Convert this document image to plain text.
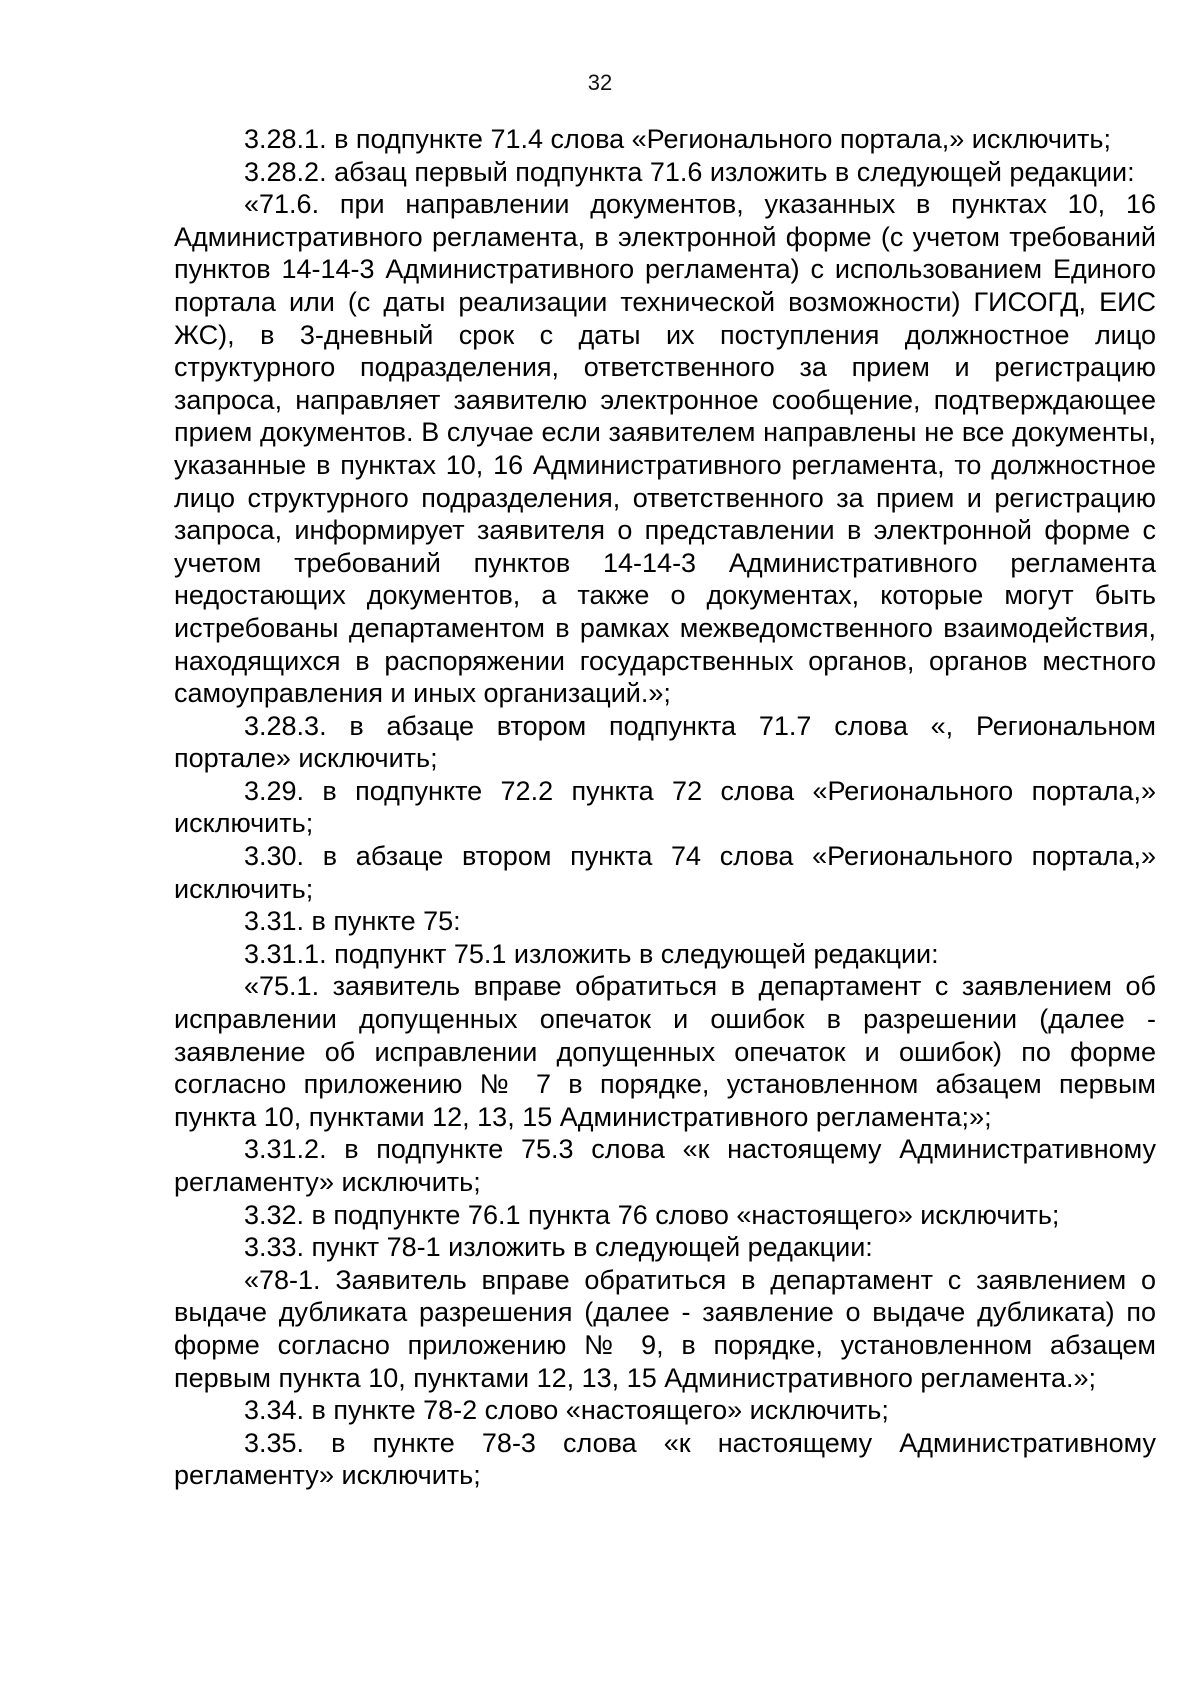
32

3.28.1. в подпункте 71.4 слова «Регионального портала,» исключить;

3.28.2. абзац первый подпункта 71.6 изложить в следующей редакции:

«71.6. при направлении документов, указанных в пунктах 10, 16 Административного регламента, в электронной форме (с учетом требований пунктов 14-14-3 Административного регламента) с использованием Единого портала или (с даты реализации технической возможности) ГИСОГД, ЕИС ЖС), в 3-дневный срок с даты их поступления должностное лицо структурного подразделения, ответственного за прием и регистрацию запроса, направляет заявителю электронное сообщение, подтверждающее прием документов. В случае если заявителем направлены не все документы, указанные в пунктах 10, 16 Административного регламента, то должностное лицо структурного подразделения, ответственного за прием и регистрацию запроса, информирует заявителя о представлении в электронной форме с учетом требований пунктов 14-14-3 Административного регламента недостающих документов, а также о документах, которые могут быть истребованы департаментом в рамках межведомственного взаимодействия, находящихся в распоряжении государственных органов, органов местного самоуправления и иных организаций.»;

3.28.3. в абзаце втором подпункта 71.7 слова «, Региональном портале» исключить;

3.29. в подпункте 72.2 пункта 72 слова «Регионального портала,» исключить;

3.30. в абзаце втором пункта 74 слова «Регионального портала,» исключить;

3.31. в пункте 75:

3.31.1. подпункт 75.1 изложить в следующей редакции:

«75.1. заявитель вправе обратиться в департамент с заявлением об исправлении допущенных опечаток и ошибок в разрешении (далее - заявление об исправлении допущенных опечаток и ошибок) по форме согласно приложению № 7 в порядке, установленном абзацем первым пункта 10, пунктами 12, 13, 15 Административного регламента;»;

3.31.2. в подпункте 75.3 слова «к настоящему Административному регламенту» исключить;

3.32. в подпункте 76.1 пункта 76 слово «настоящего» исключить;

3.33. пункт 78-1 изложить в следующей редакции:

«78-1. Заявитель вправе обратиться в департамент с заявлением о выдаче дубликата разрешения (далее - заявление о выдаче дубликата) по форме согласно приложению № 9, в порядке, установленном абзацем первым пункта 10, пунктами 12, 13, 15 Административного регламента.»;

3.34. в пункте 78-2 слово «настоящего» исключить;

3.35. в пункте 78-3 слова «к настоящему Административному регламенту» исключить;
